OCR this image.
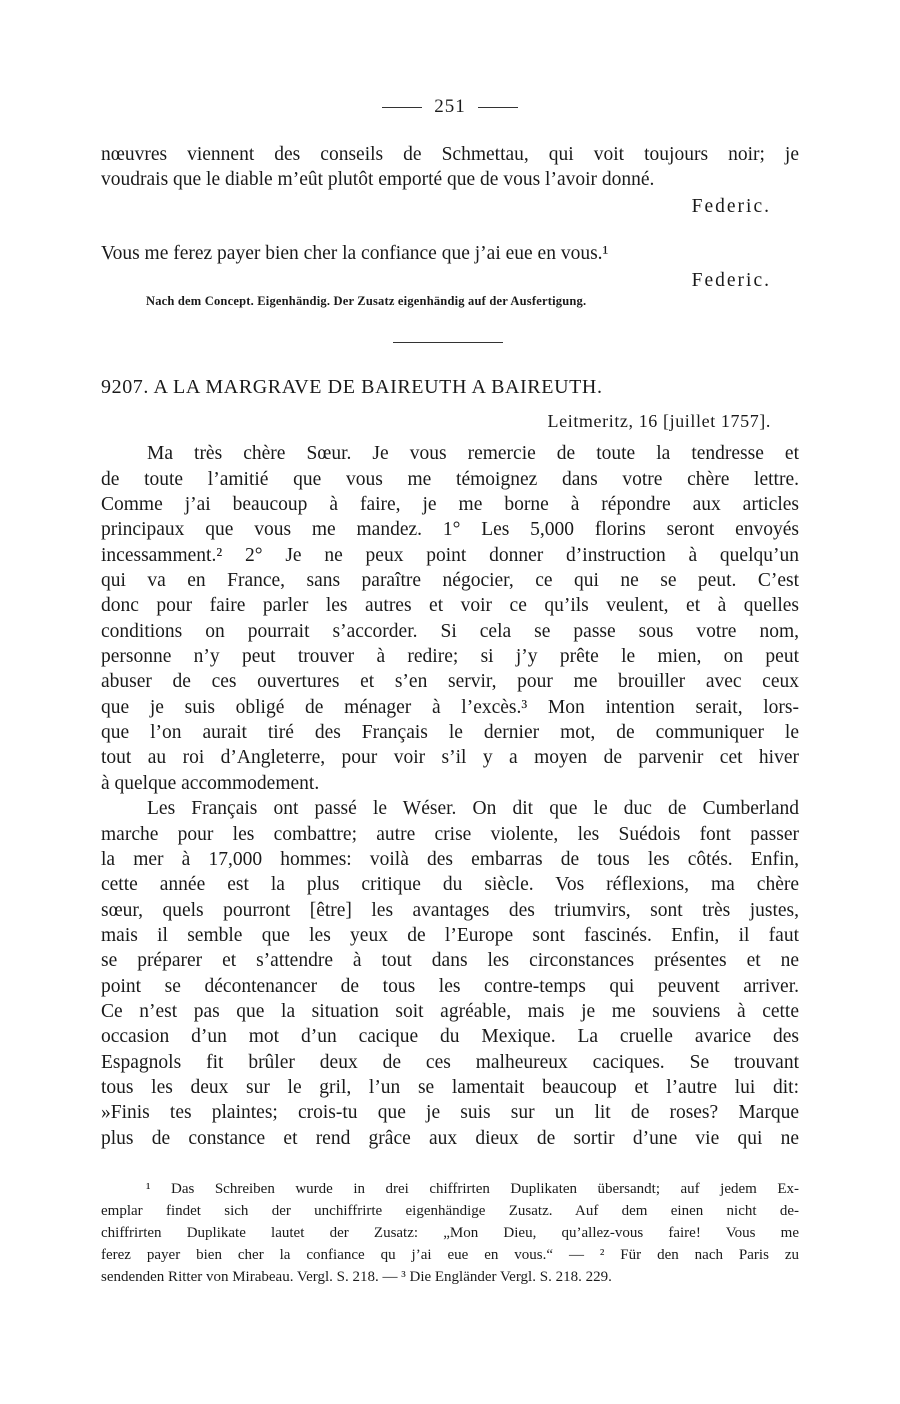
251
nœuvres viennent des conseils de Schmettau, qui voit toujours noir; je
voudrais que le diable m’eût plutôt emporté que de vous l’avoir donné.
Federic.
Vous me ferez payer bien cher la confiance que j’ai eue en vous.¹
Federic.
Nach dem Concept. Eigenhändig. Der Zusatz eigenhändig auf der Ausfertigung.
9207. A LA MARGRAVE DE BAIREUTH A BAIREUTH.
Leitmeritz, 16 [juillet 1757].
Ma très chère Sœur. Je vous remercie de toute la tendresse et
de toute l’amitié que vous me témoignez dans votre chère lettre.
Comme j’ai beaucoup à faire, je me borne à répondre aux articles
principaux que vous me mandez. 1° Les 5,000 florins seront envoyés
incessamment.² 2° Je ne peux point donner d’instruction à quelqu’un
qui va en France, sans paraître négocier, ce qui ne se peut. C’est
donc pour faire parler les autres et voir ce qu’ils veulent, et à quelles
conditions on pourrait s’accorder. Si cela se passe sous votre nom,
personne n’y peut trouver à redire; si j’y prête le mien, on peut
abuser de ces ouvertures et s’en servir, pour me brouiller avec ceux
que je suis obligé de ménager à l’excès.³ Mon intention serait, lors-
que l’on aurait tiré des Français le dernier mot, de communiquer le
tout au roi d’Angleterre, pour voir s’il y a moyen de parvenir cet hiver
à quelque accommodement.
Les Français ont passé le Wéser. On dit que le duc de Cumberland
marche pour les combattre; autre crise violente, les Suédois font passer
la mer à 17,000 hommes: voilà des embarras de tous les côtés. Enfin,
cette année est la plus critique du siècle. Vos réflexions, ma chère
sœur, quels pourront [être] les avantages des triumvirs, sont très justes,
mais il semble que les yeux de l’Europe sont fascinés. Enfin, il faut
se préparer et s’attendre à tout dans les circonstances présentes et ne
point se décontenancer de tous les contre-temps qui peuvent arriver.
Ce n’est pas que la situation soit agréable, mais je me souviens à cette
occasion d’un mot d’un cacique du Mexique. La cruelle avarice des
Espagnols fit brûler deux de ces malheureux caciques. Se trouvant
tous les deux sur le gril, l’un se lamentait beaucoup et l’autre lui dit:
»Finis tes plaintes; crois-tu que je suis sur un lit de roses? Marque
plus de constance et rend grâce aux dieux de sortir d’une vie qui ne
¹ Das Schreiben wurde in drei chiffrirten Duplikaten übersandt; auf jedem Ex-
emplar findet sich der unchiffrirte eigenhändige Zusatz. Auf dem einen nicht de-
chiffrirten Duplikate lautet der Zusatz: „Mon Dieu, qu’allez-vous faire! Vous me
ferez payer bien cher la confiance qu j’ai eue en vous.“ — ² Für den nach Paris zu
sendenden Ritter von Mirabeau. Vergl. S. 218. — ³ Die Engländer Vergl. S. 218. 229.
